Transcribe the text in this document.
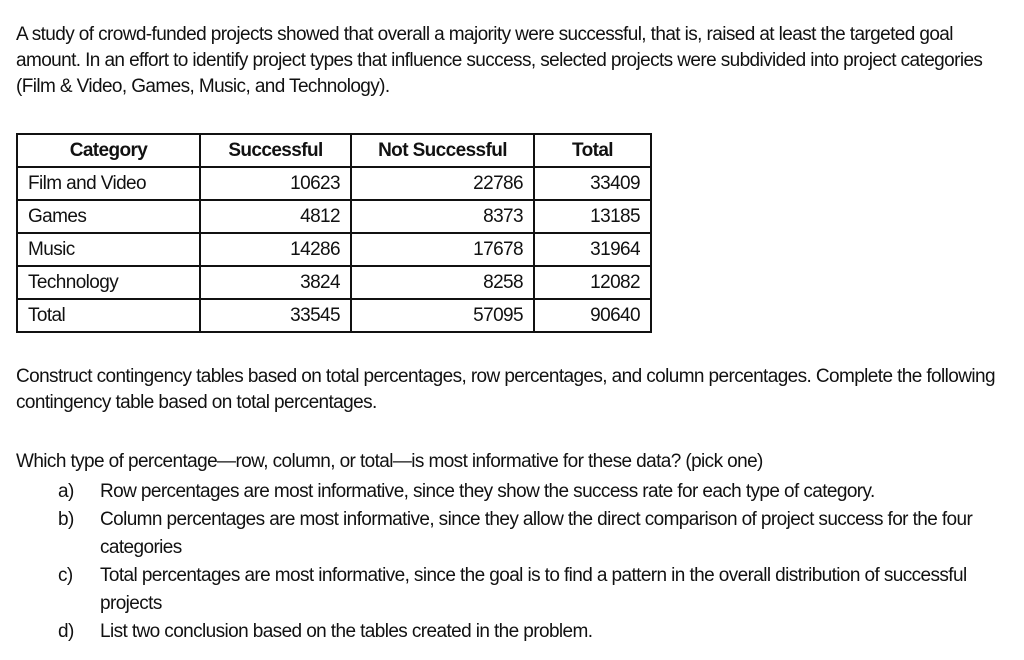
A study of crowd-funded projects showed that overall a majority were successful, that is, raised at least the targeted goal amount. In an effort to identify project types that influence success, selected projects were subdivided into project categories (Film & Video, Games, Music, and Technology).
Category	Successful	Not Successful	Total
Film and Video	10623	22786	33409
Games	4812	8373	13185
Music	14286	17678	31964
Technology	3824	8258	12082
Total	33545	57095	90640
Construct contingency tables based on total percentages, row percentages, and column percentages. Complete the following contingency table based on total percentages.
Which type of percentage—row, column, or total—is most informative for these data? (pick one)
a) Row percentages are most informative, since they show the success rate for each type of category.
b) Column percentages are most informative, since they allow the direct comparison of project success for the four categories
c) Total percentages are most informative, since the goal is to find a pattern in the overall distribution of successful projects
d) List two conclusion based on the tables created in the problem.
